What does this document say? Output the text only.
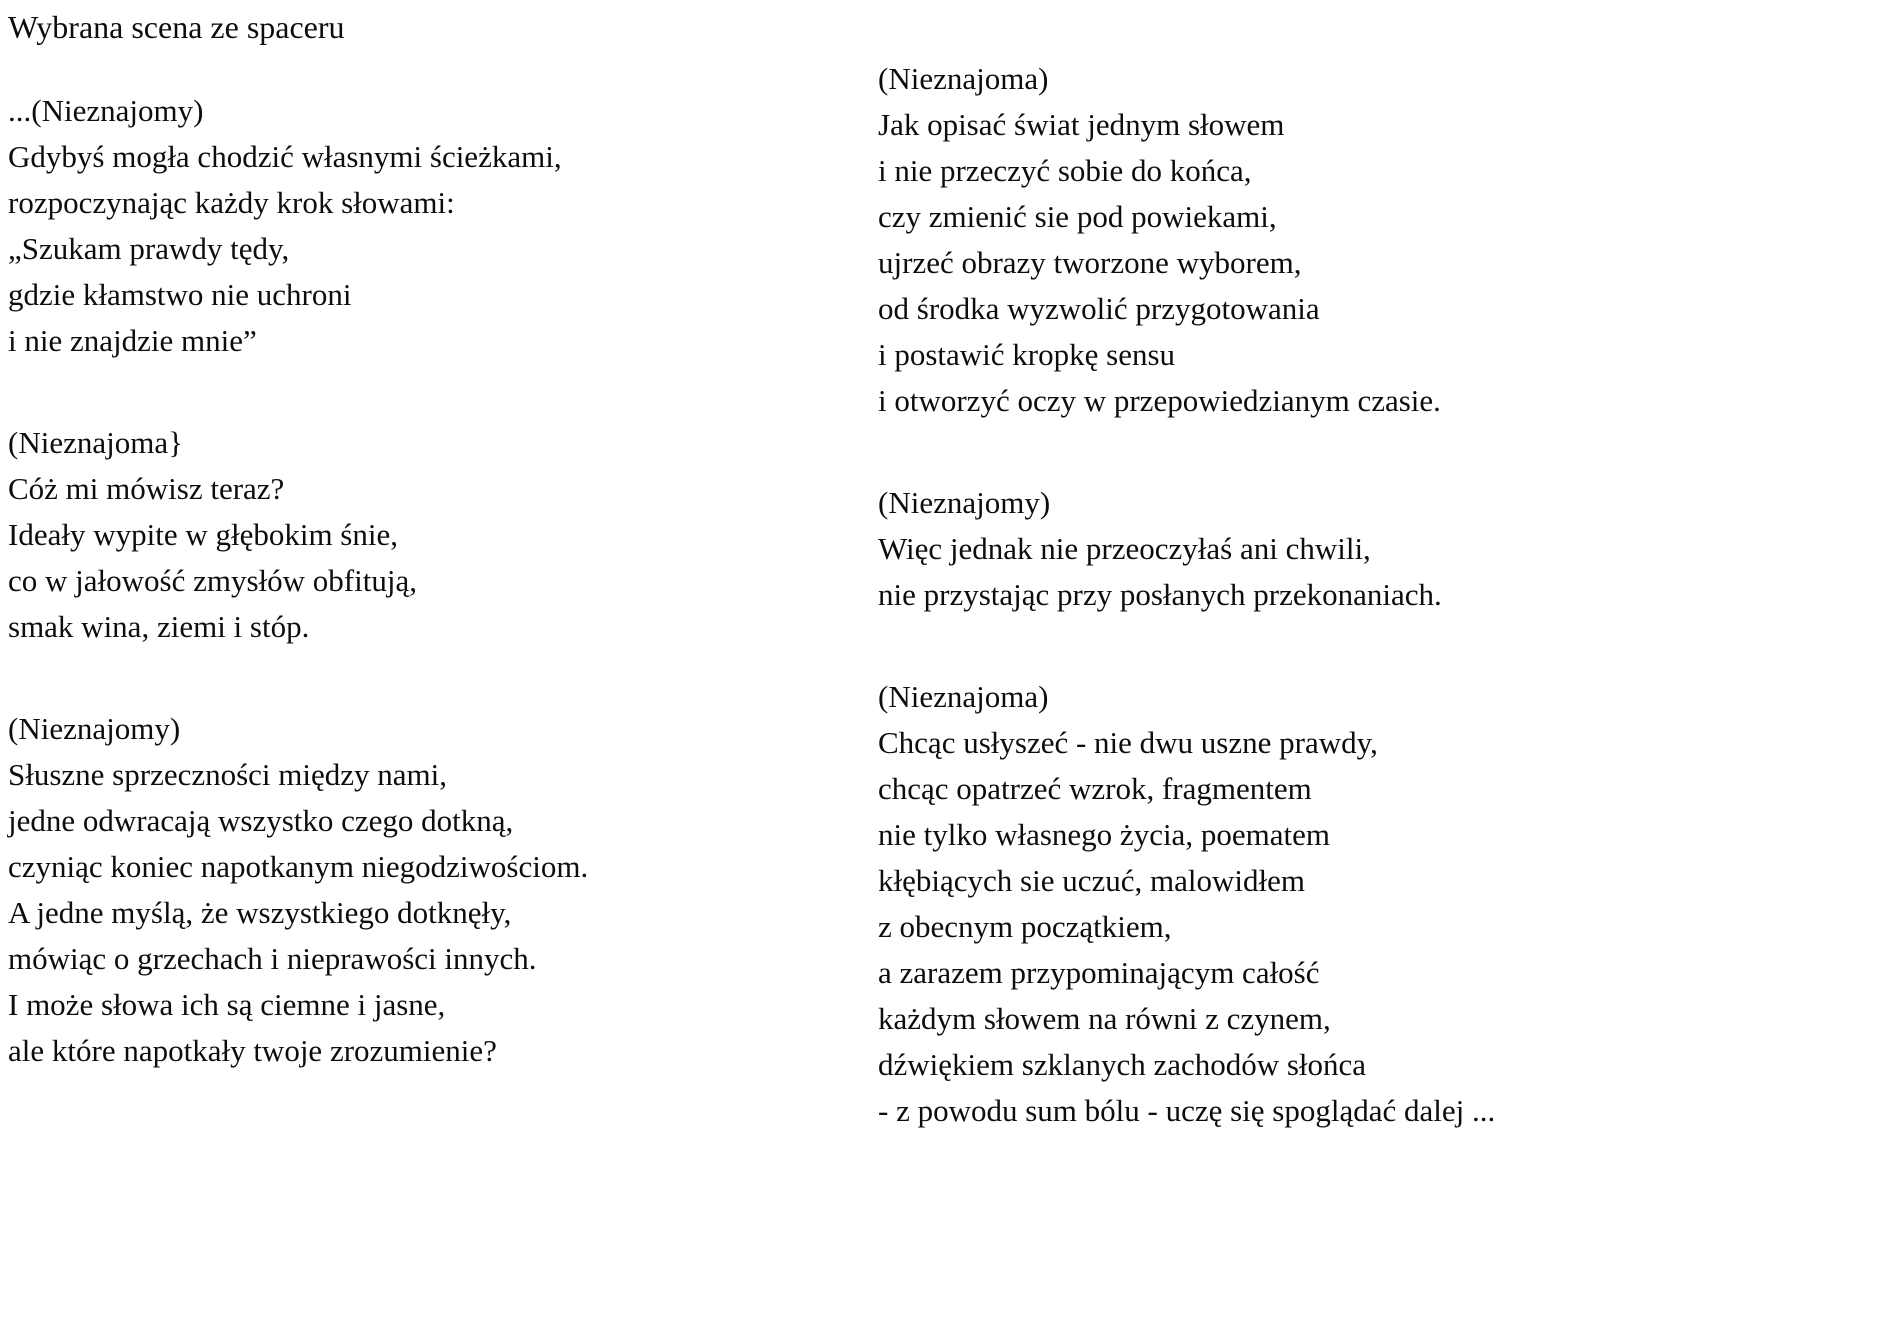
Wybrana scena ze spaceru
...(Nieznajomy)
Gdybyś mogła chodzić własnymi ścieżkami,
rozpoczynając każdy krok słowami:
„Szukam prawdy tędy,
gdzie kłamstwo nie uchroni
i nie znajdzie mnie”
(Nieznajoma}
Cóż mi mówisz teraz?
Ideały wypite w głębokim śnie,
co w jałowość zmysłów obfitują,
smak wina, ziemi i stóp.
(Nieznajomy)
Słuszne sprzeczności między nami,
jedne odwracają wszystko czego dotkną,
czyniąc koniec napotkanym niegodziwościom.
A jedne myślą, że wszystkiego dotknęły,
mówiąc o grzechach i nieprawości innych.
I może słowa ich są ciemne i jasne,
ale które napotkały twoje zrozumienie?
(Nieznajoma)
Jak opisać świat jednym słowem
i nie przeczyć sobie do końca,
czy zmienić sie pod powiekami,
ujrzeć obrazy tworzone wyborem,
od środka wyzwolić przygotowania
i postawić kropkę sensu
i otworzyć oczy w przepowiedzianym czasie.
(Nieznajomy)
Więc jednak nie przeoczyłaś ani chwili,
nie przystając przy posłanych przekonaniach.
(Nieznajoma)
Chcąc usłyszeć - nie dwu uszne prawdy,
chcąc opatrzeć wzrok, fragmentem
nie tylko własnego życia, poematem
kłębiących sie uczuć, malowidłem
z obecnym początkiem,
a zarazem przypominającym całość
każdym słowem na równi z czynem,
dźwiękiem szklanych zachodów słońca
- z powodu sum bólu - uczę się spoglądać dalej ...
